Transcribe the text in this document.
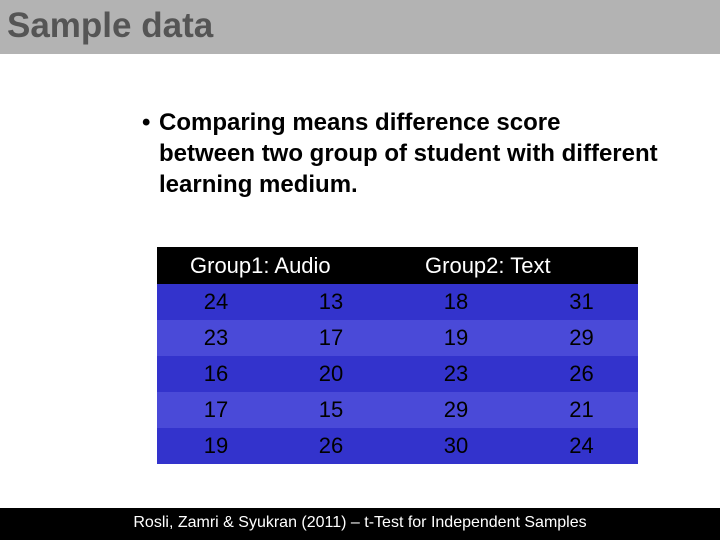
Sample data
• Comparing means difference score between two group of student with different learning medium.
Group1: Audio		Group2: Text	
24	13	18	31
23	17	19	29
16	20	23	26
17	15	29	21
19	26	30	24
Rosli, Zamri & Syukran (2011) – t-Test for Independent Samples
